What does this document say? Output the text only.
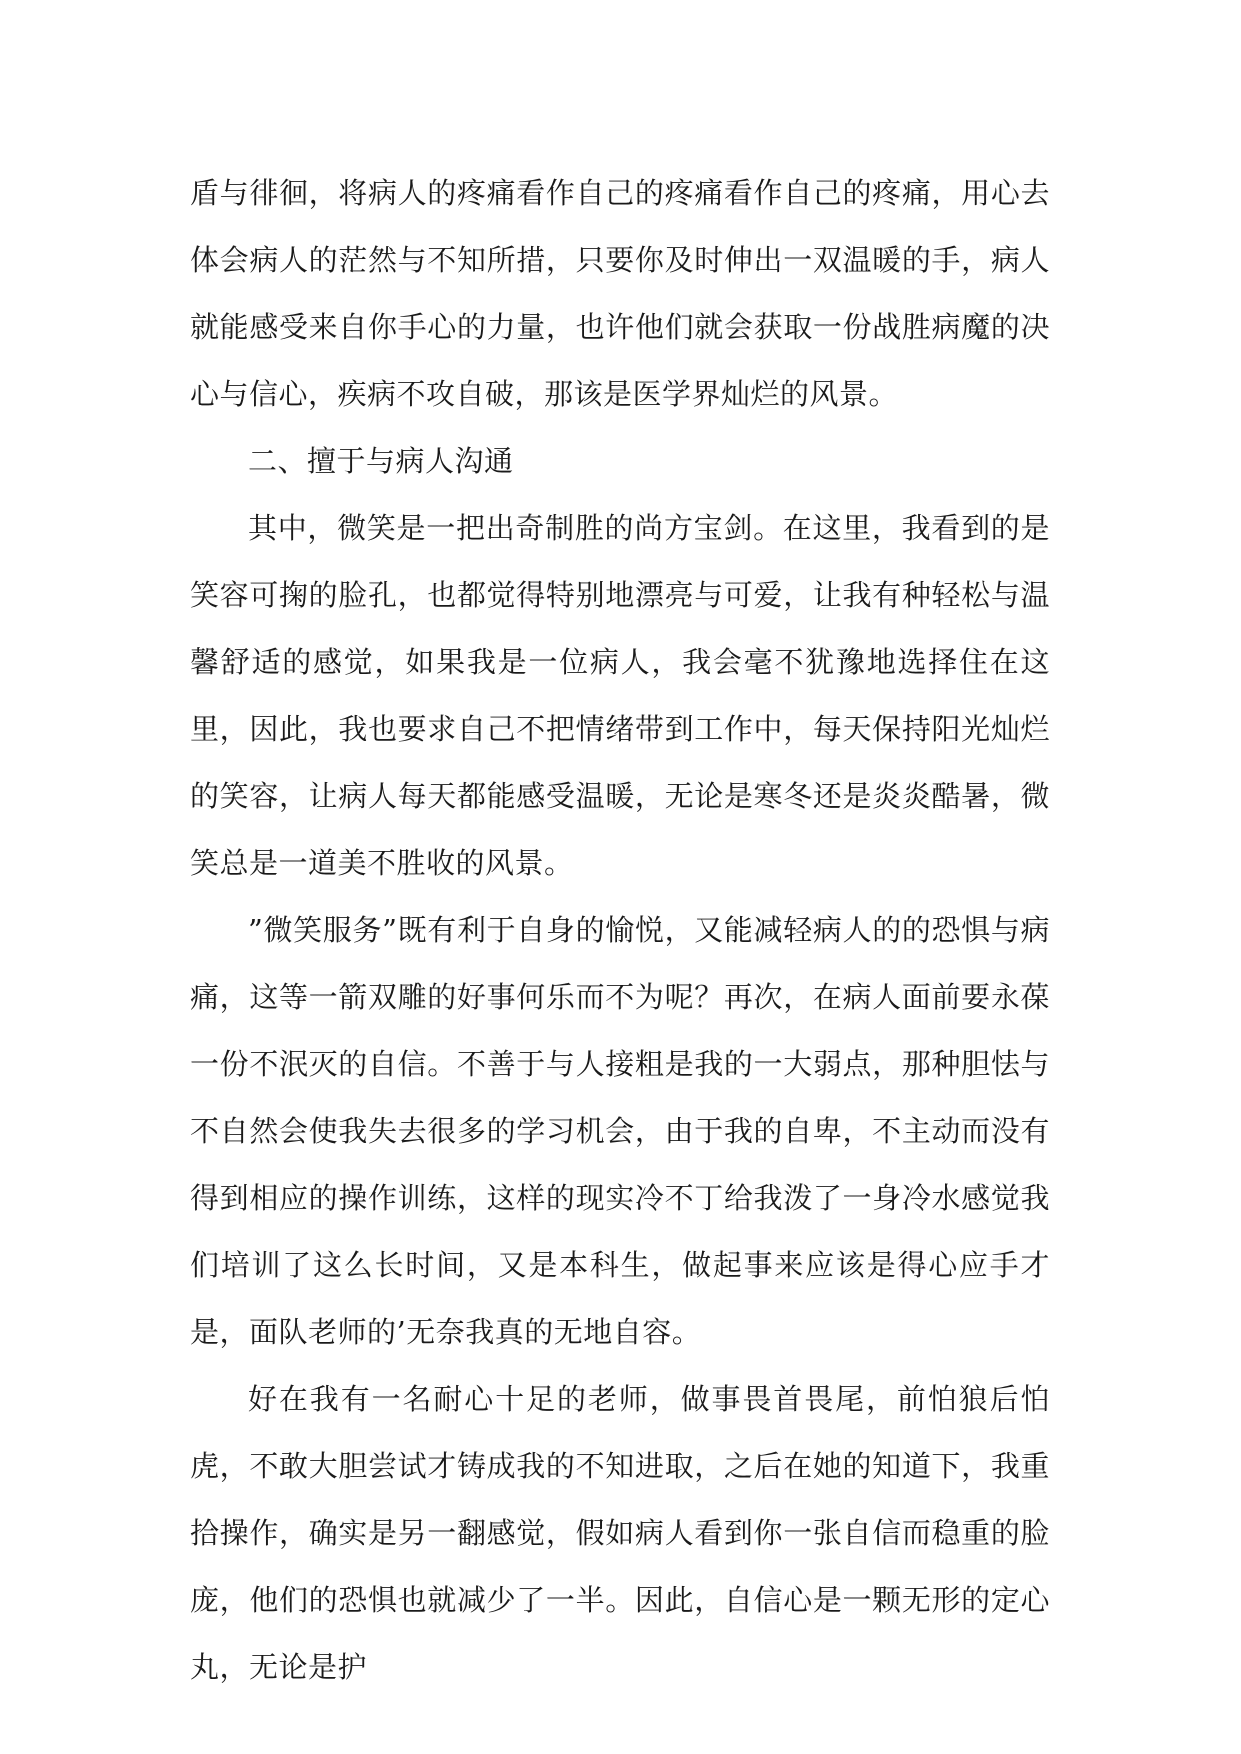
盾与徘徊，将病人的疼痛看作自己的疼痛看作自己的疼痛，用心去体会病人的茫然与不知所措，只要你及时伸出一双温暖的手，病人就能感受来自你手心的力量，也许他们就会获取一份战胜病魔的决心与信心，疾病不攻自破，那该是医学界灿烂的风景。

二、擅于与病人沟通

其中，微笑是一把出奇制胜的尚方宝剑。在这里，我看到的是笑容可掬的脸孔，也都觉得特别地漂亮与可爱，让我有种轻松与温馨舒适的感觉，如果我是一位病人，我会毫不犹豫地选择住在这里，因此，我也要求自己不把情绪带到工作中，每天保持阳光灿烂的笑容，让病人每天都能感受温暖，无论是寒冬还是炎炎酷暑，微笑总是一道美不胜收的风景。

”微笑服务”既有利于自身的愉悦，又能减轻病人的的恐惧与病痛，这等一箭双雕的好事何乐而不为呢？再次，在病人面前要永葆一份不泯灭的自信。不善于与人接粗是我的一大弱点，那种胆怯与不自然会使我失去很多的学习机会，由于我的自卑，不主动而没有得到相应的操作训练，这样的现实冷不丁给我泼了一身冷水感觉我们培训了这么长时间，又是本科生，做起事来应该是得心应手才是，面队老师的’无奈我真的无地自容。

好在我有一名耐心十足的老师，做事畏首畏尾，前怕狼后怕虎，不敢大胆尝试才铸成我的不知进取，之后在她的知道下，我重拾操作，确实是另一翻感觉，假如病人看到你一张自信而稳重的脸庞，他们的恐惧也就减少了一半。因此，自信心是一颗无形的定心丸，无论是护
